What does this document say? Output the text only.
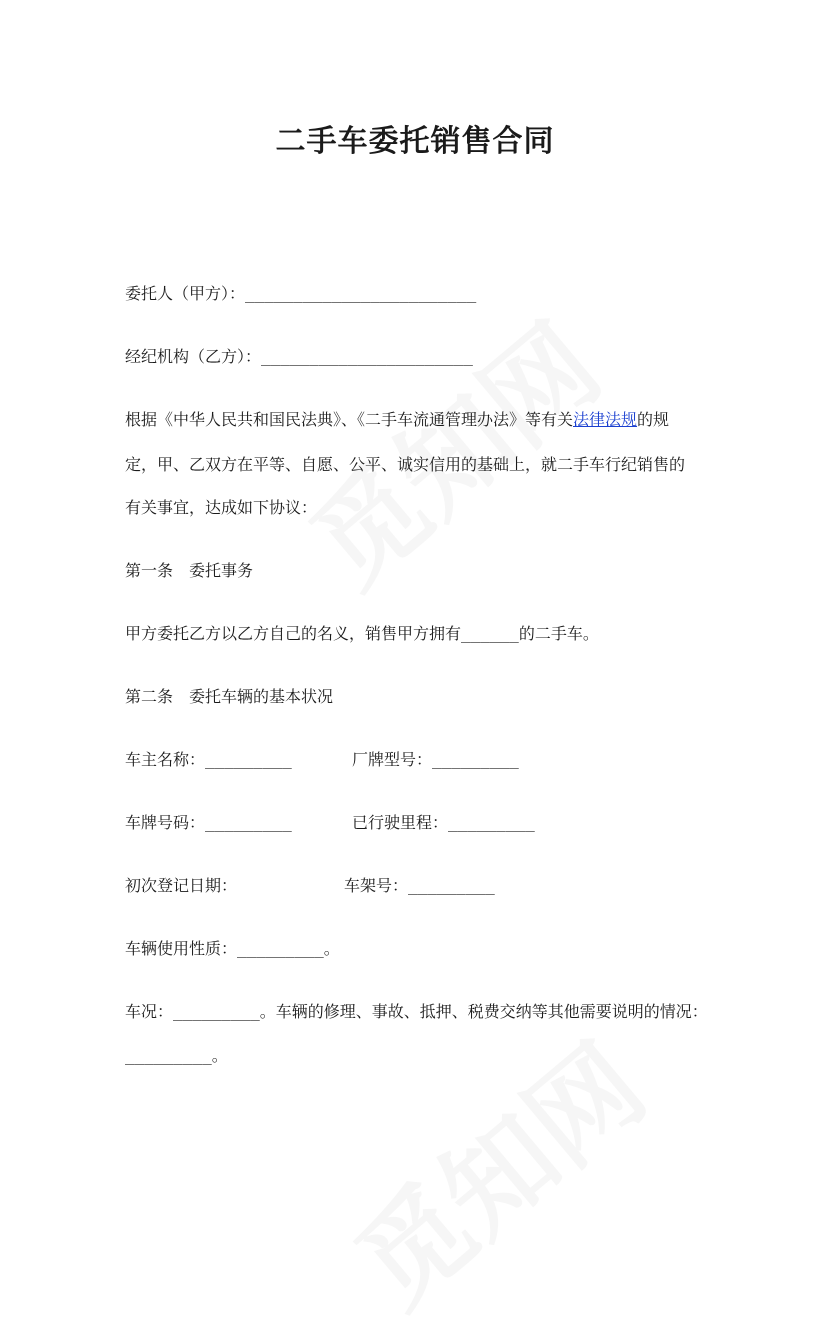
二手车委托销售合同
委托人（甲方）：________________________
经纪机构（乙方）：______________________
根据《中华人民共和国民法典》、《二手车流通管理办法》等有关法律法规的规
定，甲、乙双方在平等、自愿、公平、诚实信用的基础上，就二手车行纪销售的
有关事宜，达成如下协议：
第一条　委托事务
甲方委托乙方以乙方自己的名义，销售甲方拥有______的二手车。
第二条　委托车辆的基本状况
车主名称：_________	厂牌型号：_________
车牌号码：_________	已行驶里程：_________
初次登记日期：	车架号：_________
车辆使用性质：_________。
车况：_________。车辆的修理、事故、抵押、税费交纳等其他需要说明的情况：
_________。
